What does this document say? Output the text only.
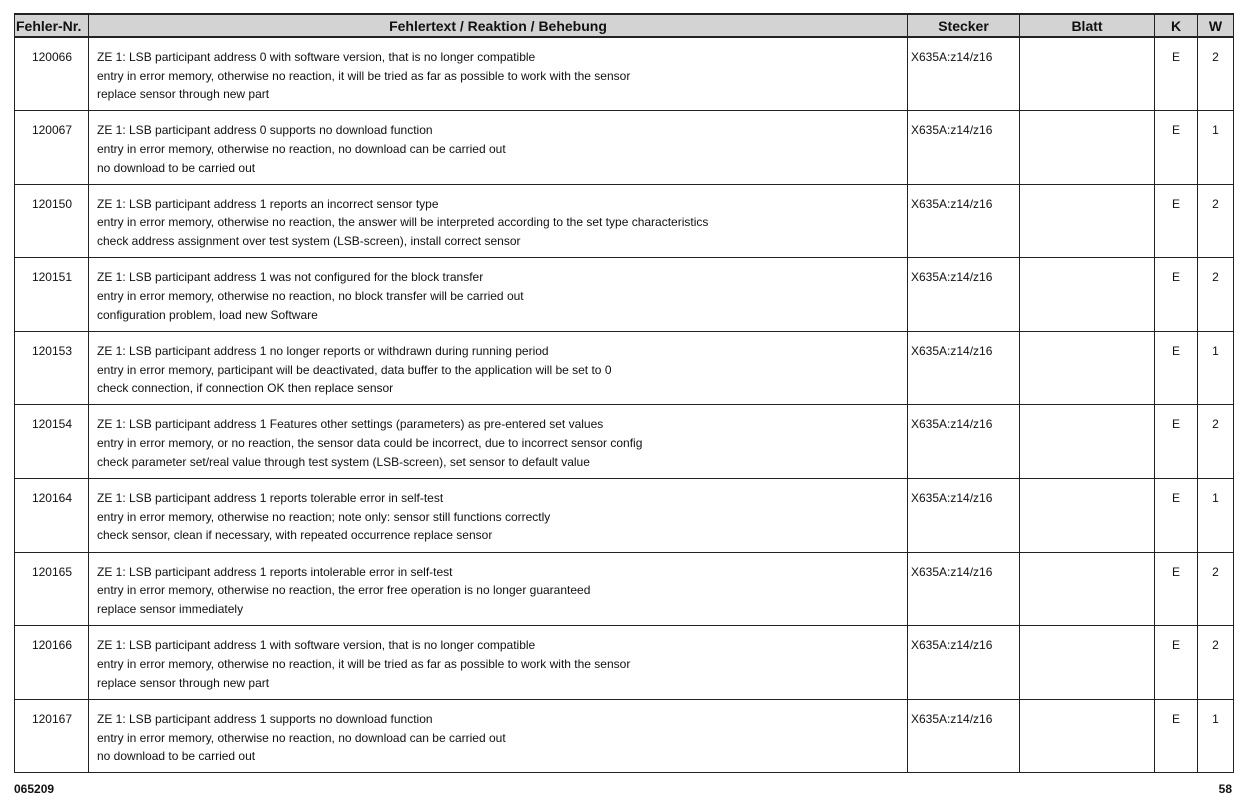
Fehler-Nr.	Fehlertext / Reaktion / Behebung	Stecker	Blatt	K	W
120066	ZE 1: LSB participant address 0 with software version, that is no longer compatible
entry in error memory, otherwise no reaction, it will be tried as far as possible to work with the sensor
replace sensor through new part	X635A:z14/z16		E	2
120067	ZE 1: LSB participant address 0 supports no download function
entry in error memory, otherwise no reaction, no download can be carried out
no download to be carried out	X635A:z14/z16		E	1
120150	ZE 1: LSB participant address 1 reports an incorrect sensor type
entry in error memory, otherwise no reaction, the answer will be interpreted according to the set type characteristics
check address assignment over test system (LSB-screen), install correct sensor	X635A:z14/z16		E	2
120151	ZE 1: LSB participant address 1 was not configured for the block transfer
entry in error memory, otherwise no reaction, no block transfer will be carried out
configuration problem, load new Software	X635A:z14/z16		E	2
120153	ZE 1: LSB participant address 1 no longer reports or withdrawn during running period
entry in error memory, participant will be deactivated, data buffer to the application will be set to 0
check connection, if connection OK then replace sensor	X635A:z14/z16		E	1
120154	ZE 1: LSB participant address 1 Features other settings (parameters) as pre-entered set values
entry in error memory, or no reaction, the sensor data could be incorrect, due to incorrect sensor config
check parameter set/real value through test system (LSB-screen), set sensor to default value	X635A:z14/z16		E	2
120164	ZE 1: LSB participant address 1 reports tolerable error in self-test
entry in error memory, otherwise no reaction; note only: sensor still functions correctly
check sensor, clean if necessary, with repeated occurrence replace sensor	X635A:z14/z16		E	1
120165	ZE 1: LSB participant address 1 reports intolerable error in self-test
entry in error memory, otherwise no reaction, the error free operation is no longer guaranteed
replace sensor immediately	X635A:z14/z16		E	2
120166	ZE 1: LSB participant address 1 with software version, that is no longer compatible
entry in error memory, otherwise no reaction, it will be tried as far as possible to work with the sensor
replace sensor through new part	X635A:z14/z16		E	2
120167	ZE 1: LSB participant address 1 supports no download function
entry in error memory, otherwise no reaction, no download can be carried out
no download to be carried out	X635A:z14/z16		E	1
065209	58
